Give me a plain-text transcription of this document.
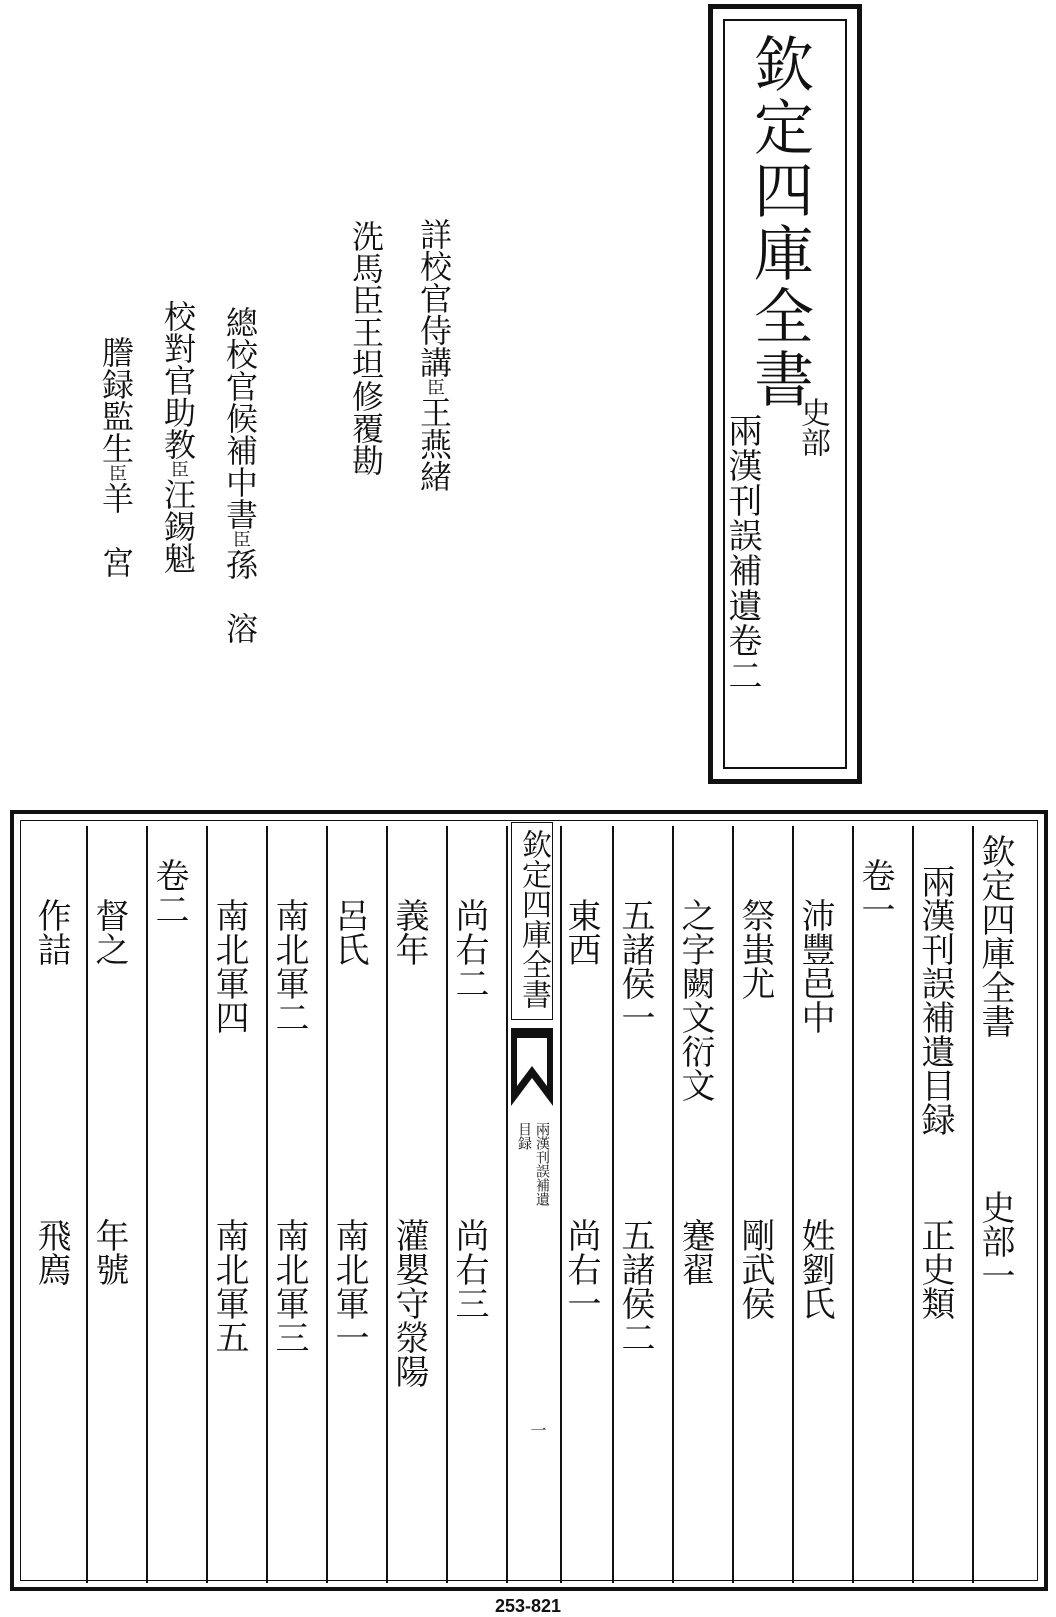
欽定四庫全書
史部
兩漢刊誤補遺卷二
詳校官侍講臣王燕緒
洗馬臣王坦修覆勘
總校官候補中書臣孫　溶
校對官助教臣汪錫魁
謄録監生臣羊　宮
欽定四庫全書
史部一
兩漢刊誤補遺目録
正史類
卷一
沛豐邑中
姓劉氏
祭蚩尤
剛武侯
之字闕文衍文
蹇翟
五諸侯一
五諸侯二
東西
尚右一
欽定四庫全書
兩漢刊誤補遺
目録
一
尚右二
尚右三
義年
灌嬰守滎陽
呂氏
南北軍一
南北軍二
南北軍三
南北軍四
南北軍五
卷二
督之
年號
作詰
飛廌
253-821
